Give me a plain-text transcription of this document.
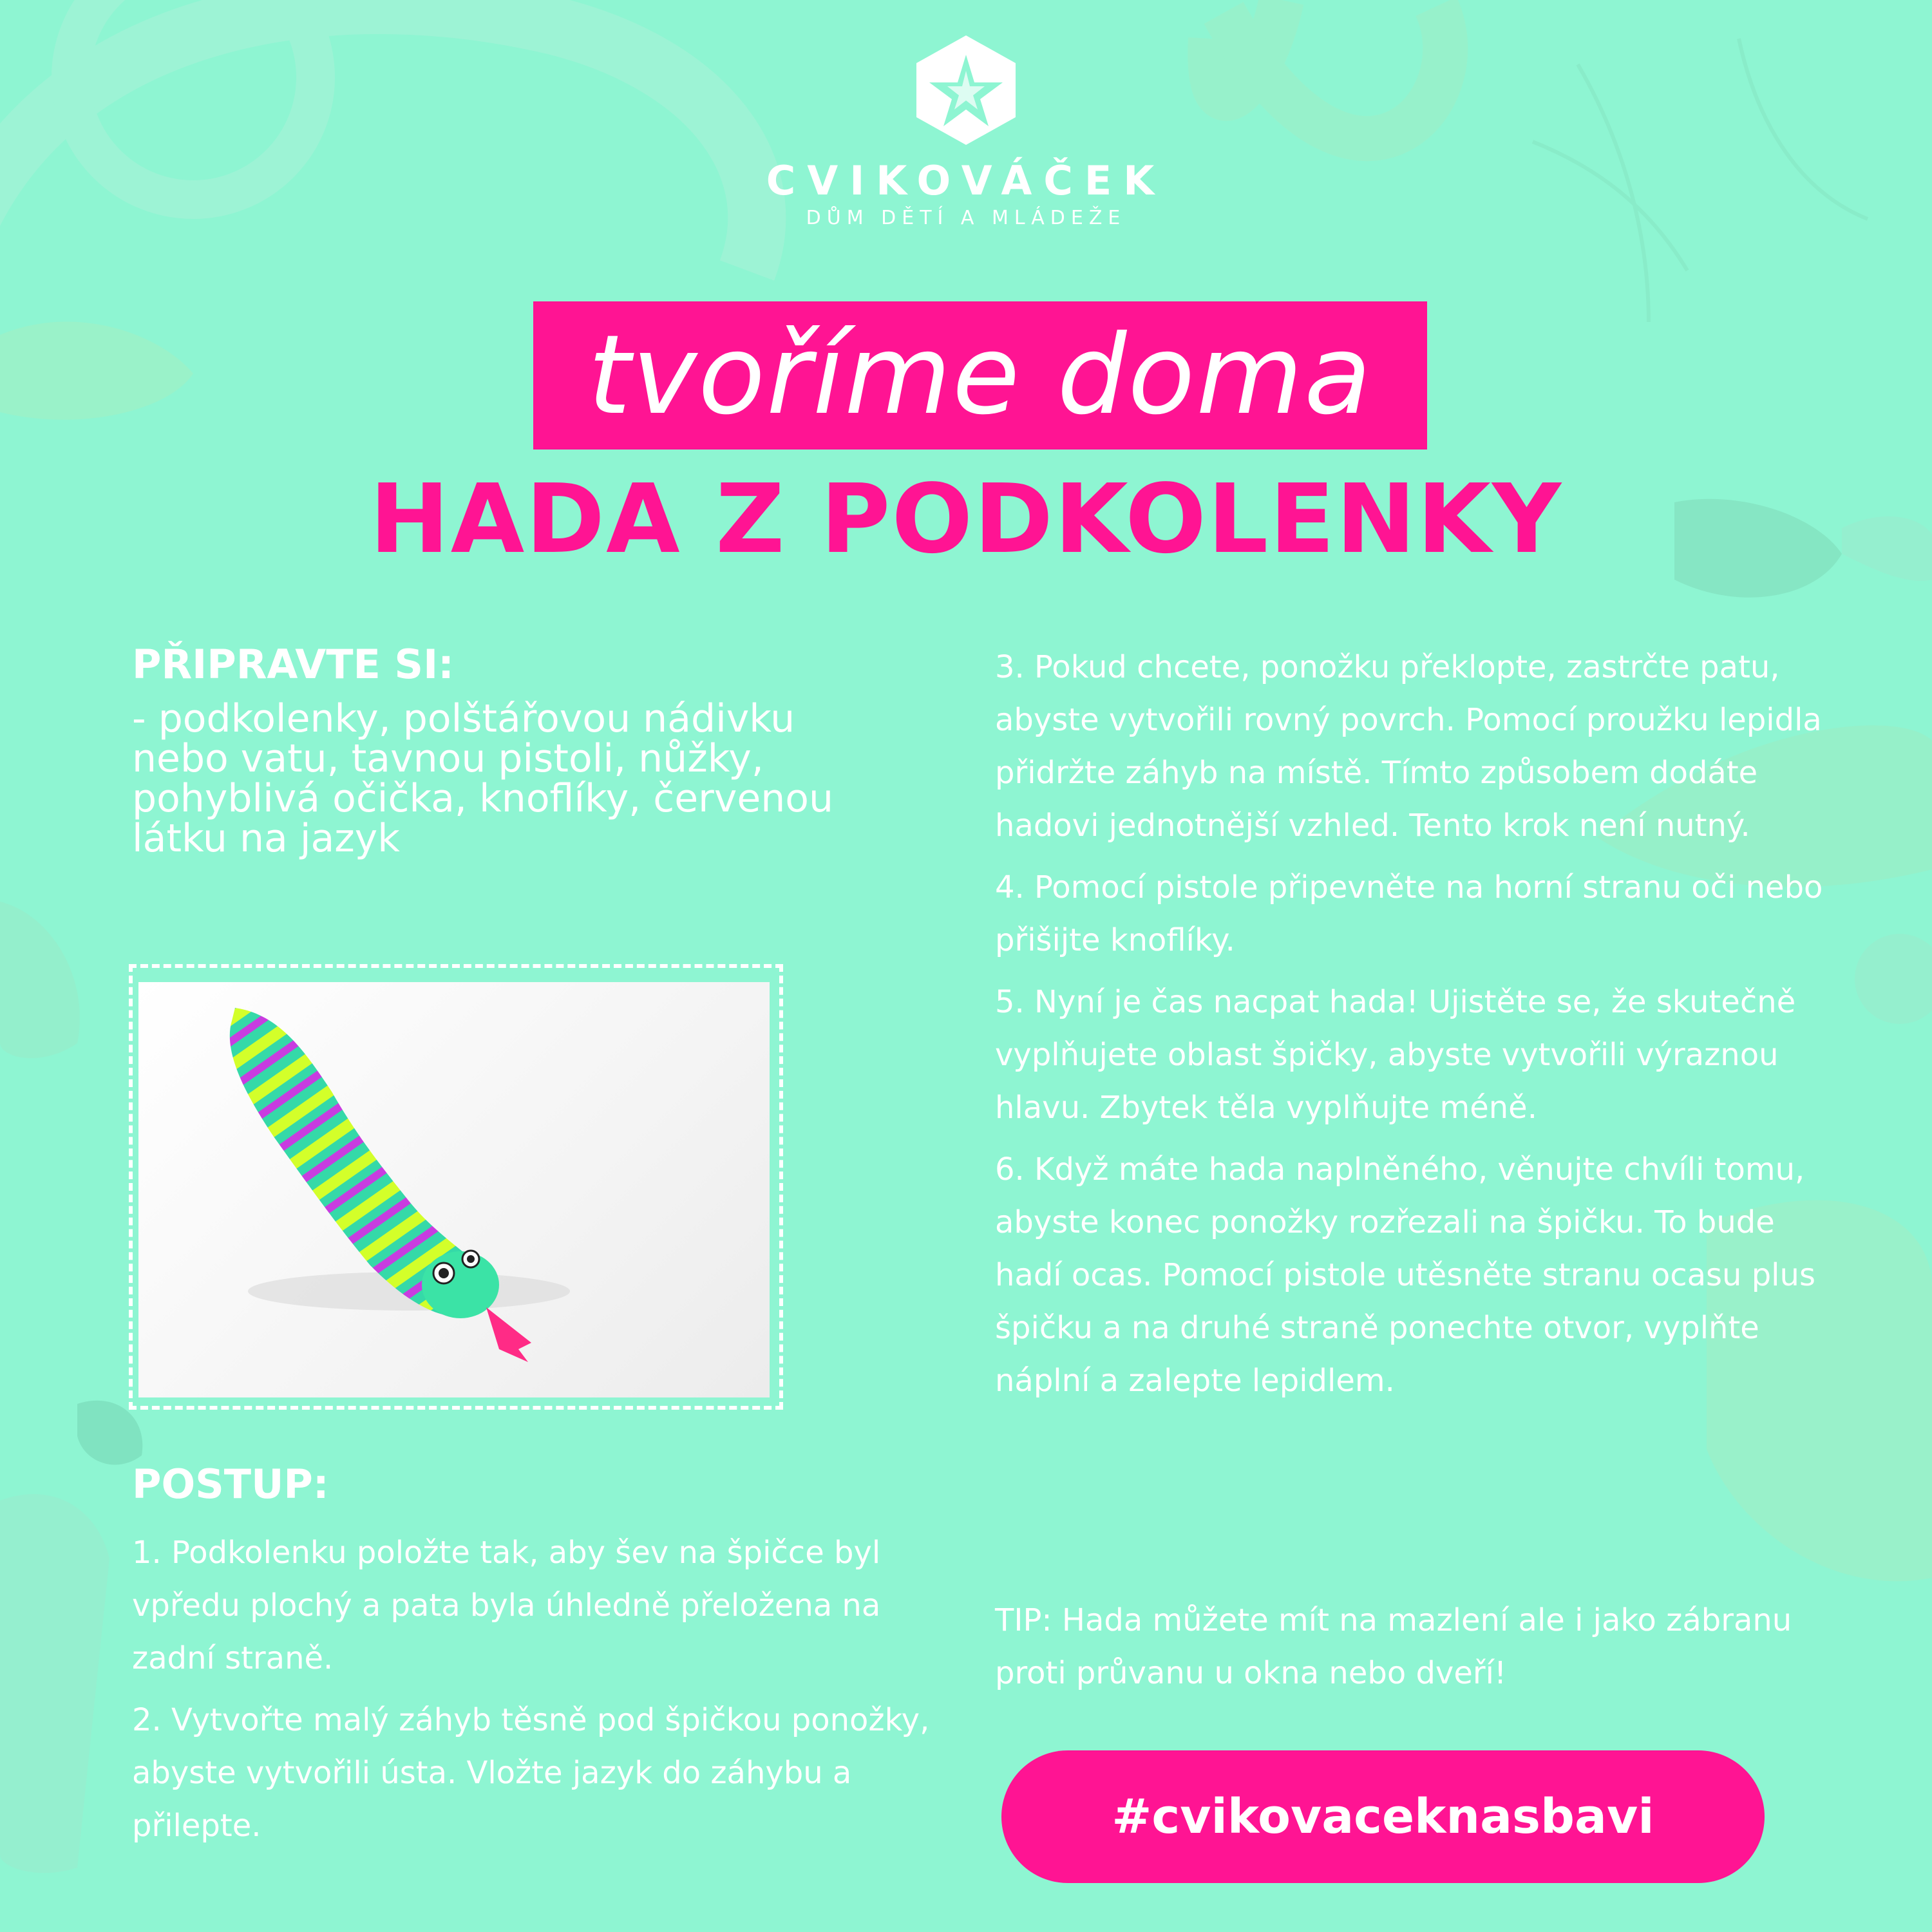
CVIKOVÁČEK
DŮM DĚTÍ A MLÁDEŽE
tvoříme doma
HADA Z PODKOLENKY
PŘIPRAVTE SI:
- podkolenky, polštářovou nádivku nebo vatu, tavnou pistoli, nůžky, pohyblivá očička, knoflíky, červenou látku na jazyk
POSTUP:

1. Podkolenku položte tak, aby šev na špičce byl vpředu plochý a pata byla úhledně přeložena na zadní straně.

2. Vytvořte malý záhyb těsně pod špičkou ponožky, abyste vytvořili ústa. Vložte jazyk do záhybu a přilepte.

3. Pokud chcete, ponožku překlopte, zastrčte patu, abyste vytvořili rovný povrch. Pomocí proužku lepidla přidržte záhyb na místě. Tímto způsobem dodáte hadovi jednotnější vzhled. Tento krok není nutný.

4. Pomocí pistole připevněte na horní stranu oči nebo přišijte knoflíky.

5. Nyní je čas nacpat hada! Ujistěte se, že skutečně vyplňujete oblast špičky, abyste vytvořili výraznou hlavu. Zbytek těla vyplňujte méně.

6. Když máte hada naplněného, věnujte chvíli tomu, abyste konec ponožky rozřezali na špičku. To bude hadí ocas. Pomocí pistole utěsněte stranu ocasu plus špičku a na druhé straně ponechte otvor, vyplňte náplní a zalepte lepidlem.

TIP: Hada můžete mít na mazlení ale i jako zábranu proti průvanu u okna nebo dveří!
#cvikovaceknasbavi
